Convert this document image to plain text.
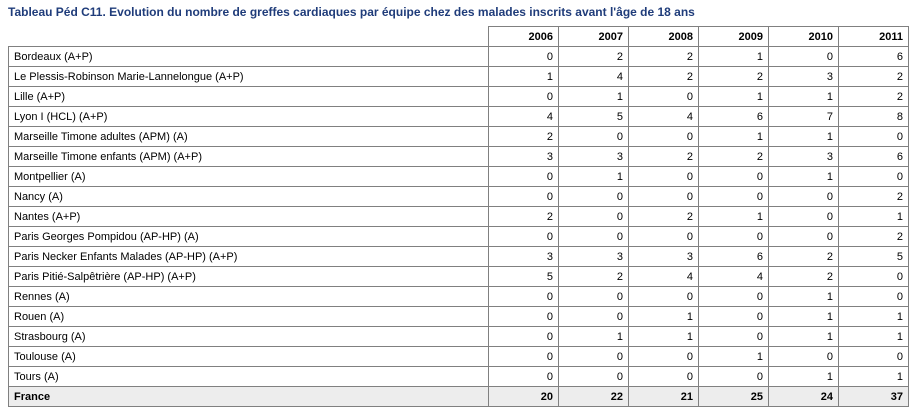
Tableau Péd C11. Evolution du nombre de greffes cardiaques par équipe chez des malades inscrits avant l'âge de 18 ans
	2006	2007	2008	2009	2010	2011
Bordeaux (A+P)	0	2	2	1	0	6
Le Plessis-Robinson Marie-Lannelongue (A+P)	1	4	2	2	3	2
Lille (A+P)	0	1	0	1	1	2
Lyon I (HCL) (A+P)	4	5	4	6	7	8
Marseille Timone adultes (APM) (A)	2	0	0	1	1	0
Marseille Timone enfants (APM) (A+P)	3	3	2	2	3	6
Montpellier (A)	0	1	0	0	1	0
Nancy (A)	0	0	0	0	0	2
Nantes (A+P)	2	0	2	1	0	1
Paris Georges Pompidou (AP-HP) (A)	0	0	0	0	0	2
Paris Necker Enfants Malades (AP-HP) (A+P)	3	3	3	6	2	5
Paris Pitié-Salpêtrière (AP-HP) (A+P)	5	2	4	4	2	0
Rennes (A)	0	0	0	0	1	0
Rouen (A)	0	0	1	0	1	1
Strasbourg (A)	0	1	1	0	1	1
Toulouse (A)	0	0	0	1	0	0
Tours (A)	0	0	0	0	1	1
France	20	22	21	25	24	37
